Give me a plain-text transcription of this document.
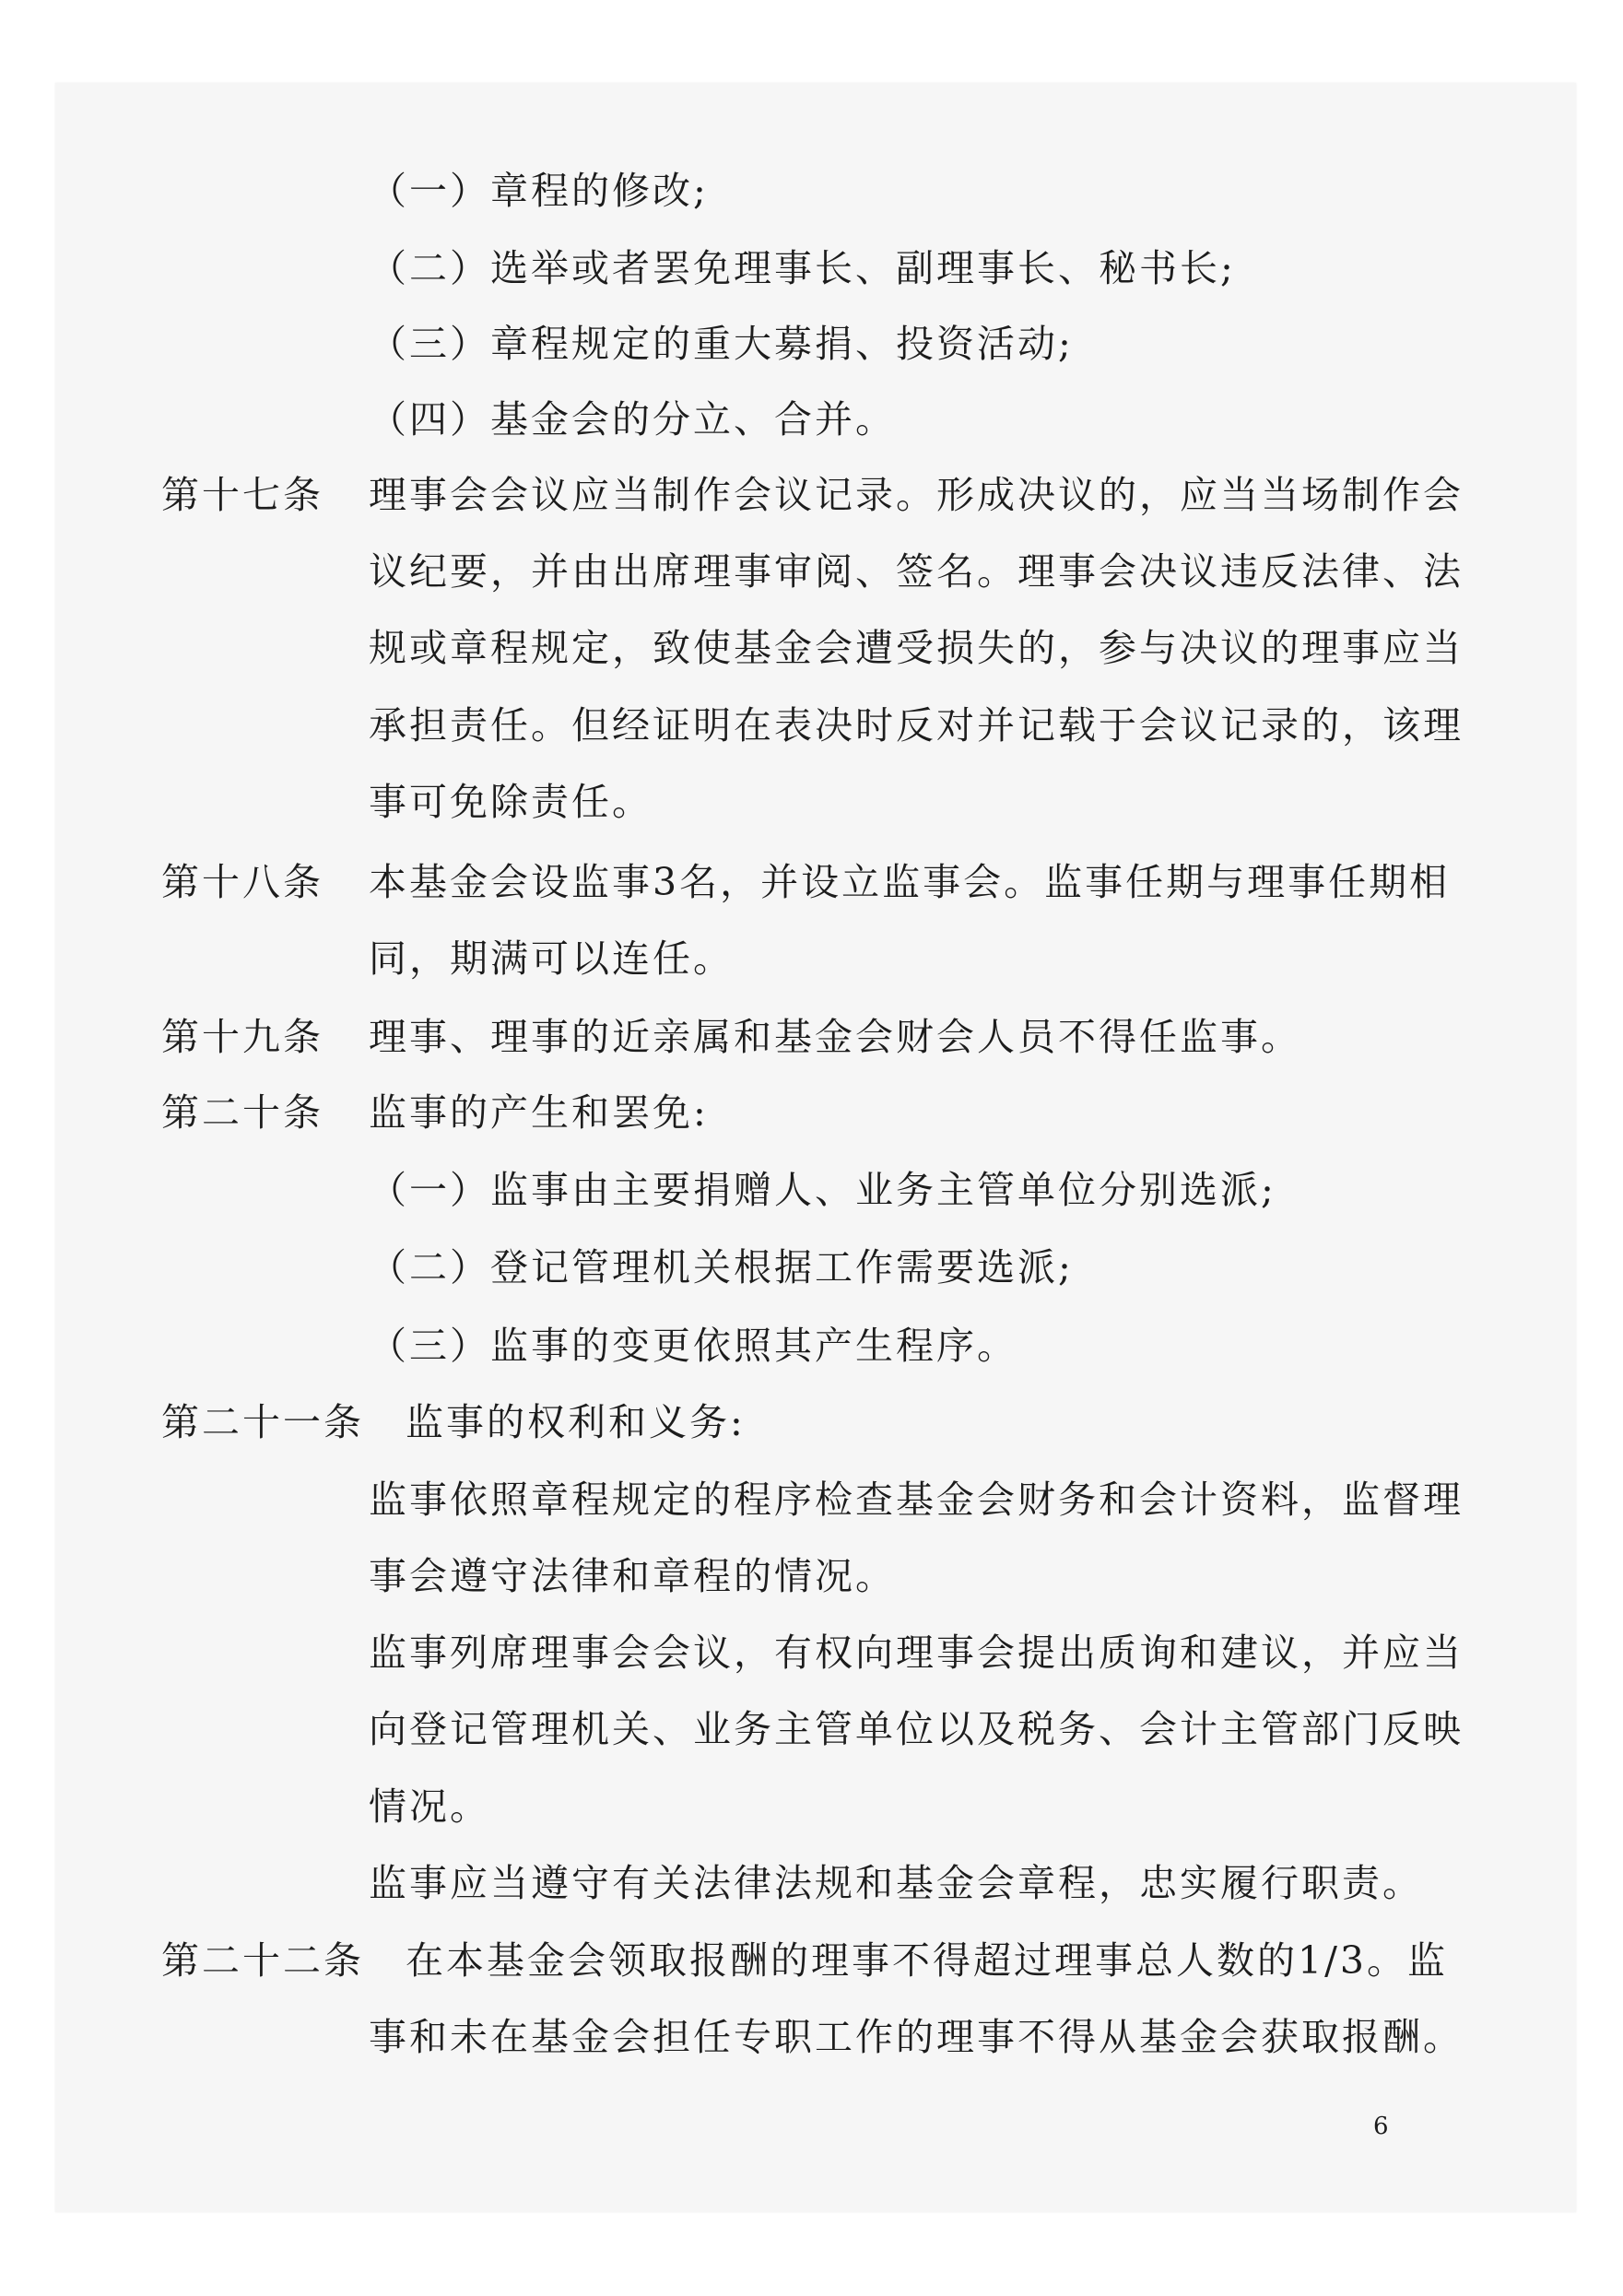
第十七条
第十八条
第十九条
第二十条
第二十一条
第二十二条
（一）章程的修改;
（二）选举或者罢免理事长、副理事长、秘书长;
（三）章程规定的重大募捐、投资活动;
（四）基金会的分立、合并。
理事会会议应当制作会议记录。形成决议的，应当当场制作会
议纪要，并由出席理事审阅、签名。理事会决议违反法律、法
规或章程规定，致使基金会遭受损失的，参与决议的理事应当
承担责任。但经证明在表决时反对并记载于会议记录的，该理
事可免除责任。
本基金会设监事3名，并设立监事会。监事任期与理事任期相
同，期满可以连任。
理事、理事的近亲属和基金会财会人员不得任监事。
监事的产生和罢免:
（一）监事由主要捐赠人、业务主管单位分别选派;
（二）登记管理机关根据工作需要选派;
（三）监事的变更依照其产生程序。
监事的权利和义务:
监事依照章程规定的程序检查基金会财务和会计资料，监督理
事会遵守法律和章程的情况。
监事列席理事会会议，有权向理事会提出质询和建议，并应当
向登记管理机关、业务主管单位以及税务、会计主管部门反映
情况。
监事应当遵守有关法律法规和基金会章程，忠实履行职责。
在本基金会领取报酬的理事不得超过理事总人数的1/3。监
事和未在基金会担任专职工作的理事不得从基金会获取报酬。
6
